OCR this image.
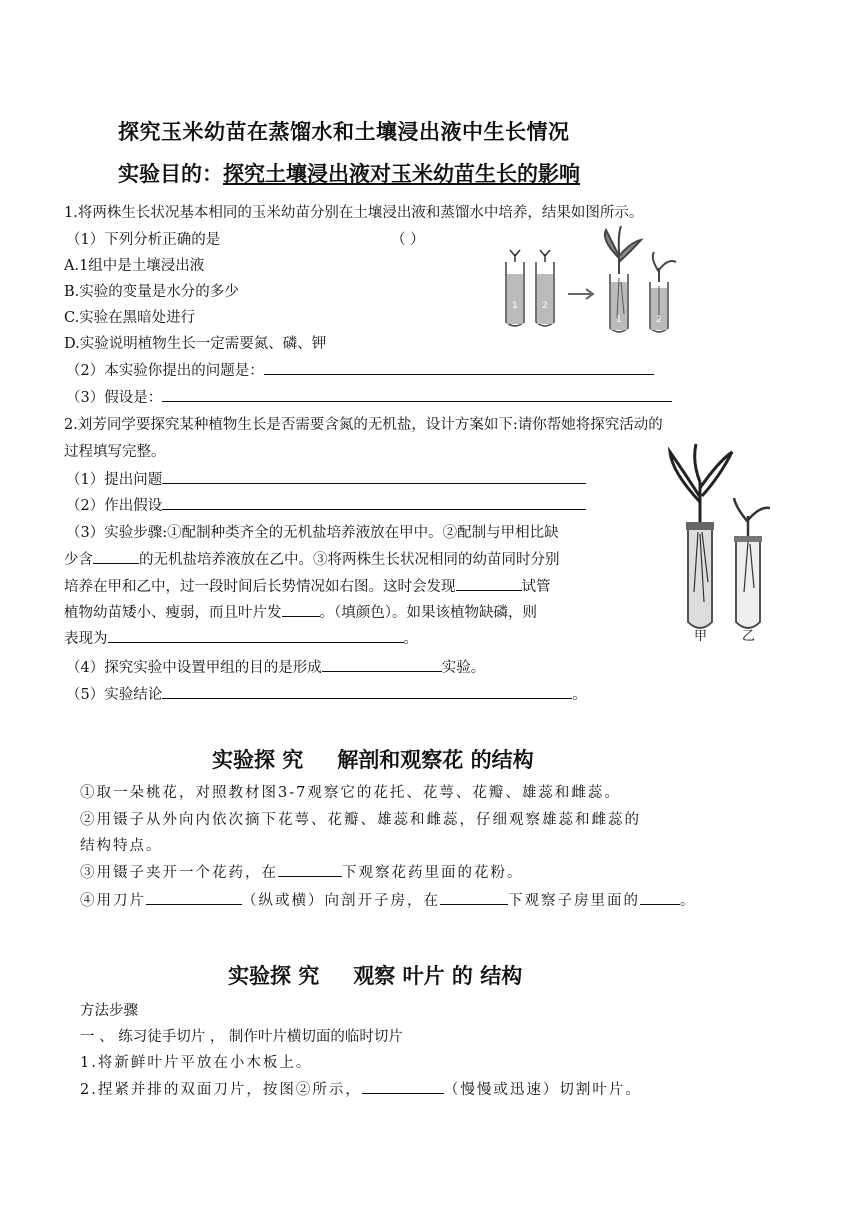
探究玉米幼苗在蒸馏水和土壤浸出液中生长情况
实验目的：探究土壤浸出液对玉米幼苗生长的影响
1.将两株生长状况基本相同的玉米幼苗分别在土壤浸出液和蒸馏水中培养，结果如图所示。
（1）下列分析正确的是	（ ）
A.1组中是土壤浸出液
B.实验的变量是水分的多少
C.实验在黑暗处进行
D.实验说明植物生长一定需要氮、磷、钾
（2）本实验你提出的问题是：
（3）假设是：
1	2
1	2
2.刘芳同学要探究某种植物生长是否需要含氮的无机盐，设计方案如下:请你帮她将探究活动的
过程填写完整。
（1）提出问题
（2）作出假设
（3）实验步骤:①配制种类齐全的无机盐培养液放在甲中。②配制与甲相比缺
少含	的无机盐培养液放在乙中。③将两株生长状况相同的幼苗同时分别
培养在甲和乙中，过一段时间后长势情况如右图。这时会发现	试管
植物幼苗矮小、瘦弱，而且叶片发	。（填颜色）。如果该植物缺磷，则
表现为	。
（4）探究实验中设置甲组的目的是形成	实验。
（5）实验结论	。
甲	乙
实验探 究 解剖和观察花 的结构
①取一朵桃花，对照教材图3-7观察它的花托、花萼、花瓣、雄蕊和雌蕊。
②用镊子从外向内依次摘下花萼、花瓣、雄蕊和雌蕊，仔细观察雄蕊和雌蕊的
结构特点。
③用镊子夹开一个花药，在	下观察花药里面的花粉。
④用刀片	（纵或横）向剖开子房，在	下观察子房里面的	。
实验探 究 观察 叶片 的 结构
方法步骤
一 、 练习徒手切片 ， 制作叶片横切面的临时切片
1.将新鲜叶片平放在小木板上。
2.捏紧并排的双面刀片，按图②所示，	（慢慢或迅速）切割叶片。
